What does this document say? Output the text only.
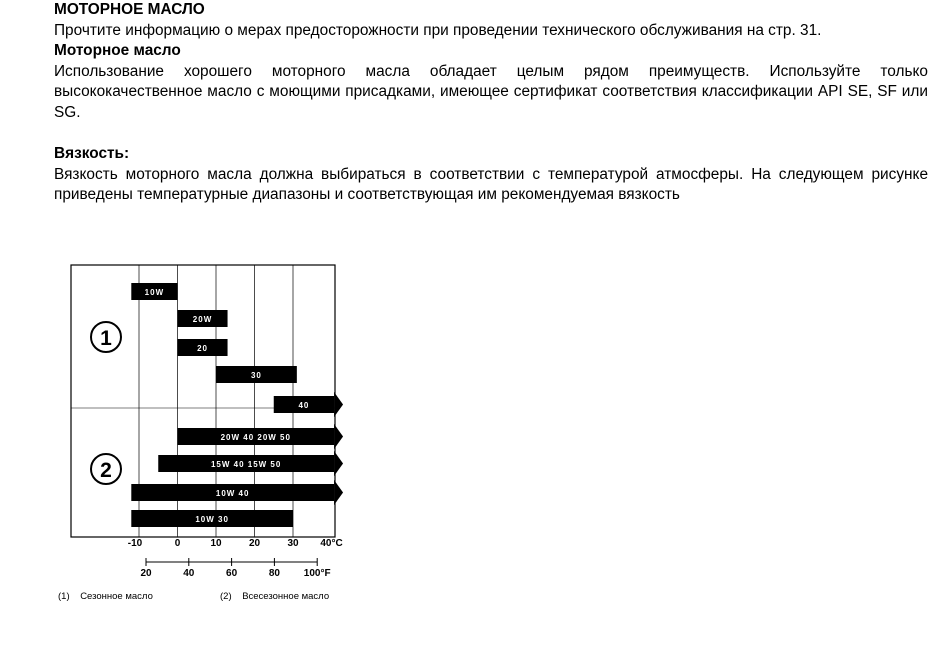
МОТОРНОЕ МАСЛО

Прочтите информацию о мерах предосторожности при проведении технического обслуживания на стр. 31.

Моторное масло

Использование хорошего моторного масла обладает целым рядом преимуществ. Используйте только высококачественное масло с моющими присадками, имеющее сертификат соответствия классификации API SE, SF или SG.

Вязкость:

Вязкость моторного масла должна выбираться в соответствии с температурой атмосферы. На следующем рисунке приведены температурные диапазоны и соответствующая им рекомендуемая вязкость

1
2
10W
20W
20
30
40
20W 40 20W 50
15W 40 15W 50
10W 40
10W 30
-10	0	10	20	30 40°C
20	40	60	80 100°F
(1) Сезонное масло	(2) Всесезонное масло
